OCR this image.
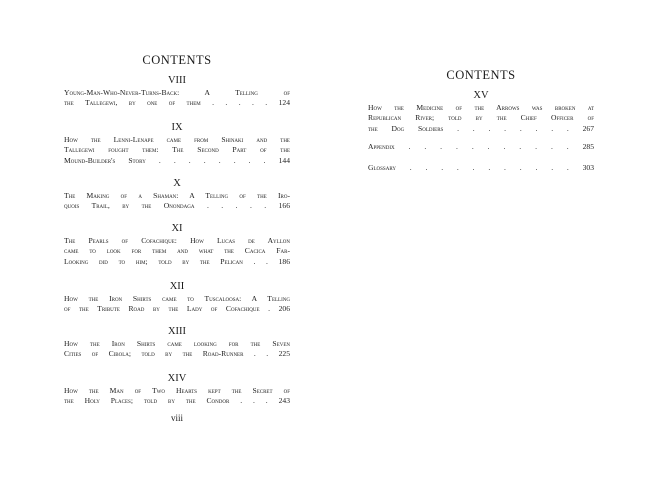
CONTENTS
VIII
Young-Man-Who-Never-Turns-Back: A Telling of
the Tallegewi, by one of them . . . . . 124
IX
How the Lenni-Lenape came from Shinaki and the
Tallegewi fought them: The Second Part of the
Mound-Builder's Story . . . . . . . . 144
X
The Making of a Shaman: A Telling of the Iro-
quois Trail, by the Onondaga . . . . . 166
XI
The Pearls of Cofachique: How Lucas de Ayllon
came to look for them and what the Cacica Far-
Looking did to him; told by the Pelican . . 186
XII
How the Iron Shirts came to Tuscaloosa: A Telling
of the Tribute Road by the Lady of Cofachique . 206
XIII
How the Iron Shirts came looking for the Seven
Cities of Cibola; told by the Road-Runner . . 225
XIV
How the Man of Two Hearts kept the Secret of
the Holy Places; told by the Condor . . . 243
viii
CONTENTS
XV
How the Medicine of the Arrows was broken at
Republican River; told by the Chief Officer of
the Dog Soldiers . . . . . . . . 267
Appendix . . . . . . . . . . . 285
Glossary . . . . . . . . . . . 303
